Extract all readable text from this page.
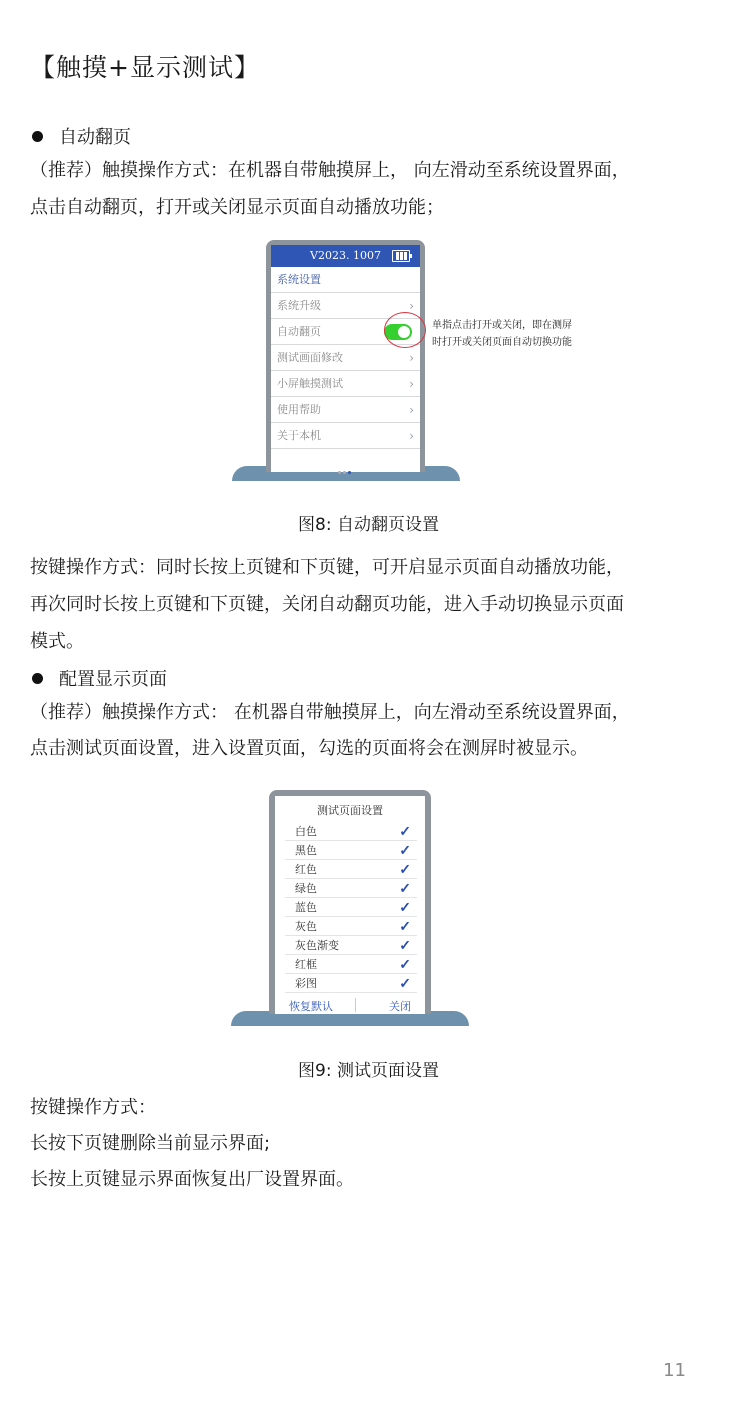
【触摸+显示测试】
自动翻页
（推荐）触摸操作方式：在机器自带触摸屏上， 向左滑动至系统设置界面，
点击自动翻页，打开或关闭显示页面自动播放功能；
V2023. 1007
系统设置
系统升级	›
自动翻页
测试画面修改	›
小屏触摸测试	›
使用帮助	›
关于本机	›
单指点击打开或关闭，即在测屏
时打开或关闭页面自动切换功能
图8: 自动翻页设置
按键操作方式：同时长按上页键和下页键，可开启显示页面自动播放功能，
再次同时长按上页键和下页键，关闭自动翻页功能，进入手动切换显示页面
模式。
配置显示页面
（推荐）触摸操作方式： 在机器自带触摸屏上，向左滑动至系统设置界面，
点击测试页面设置，进入设置页面，勾选的页面将会在测屏时被显示。
测试页面设置
白色	✓
黑色	✓
红色	✓
绿色	✓
蓝色	✓
灰色	✓
灰色渐变	✓
红框	✓
彩图	✓
恢复默认	关闭
图9: 测试页面设置
按键操作方式：
长按下页键删除当前显示界面;
长按上页键显示界面恢复出厂设置界面。
11
